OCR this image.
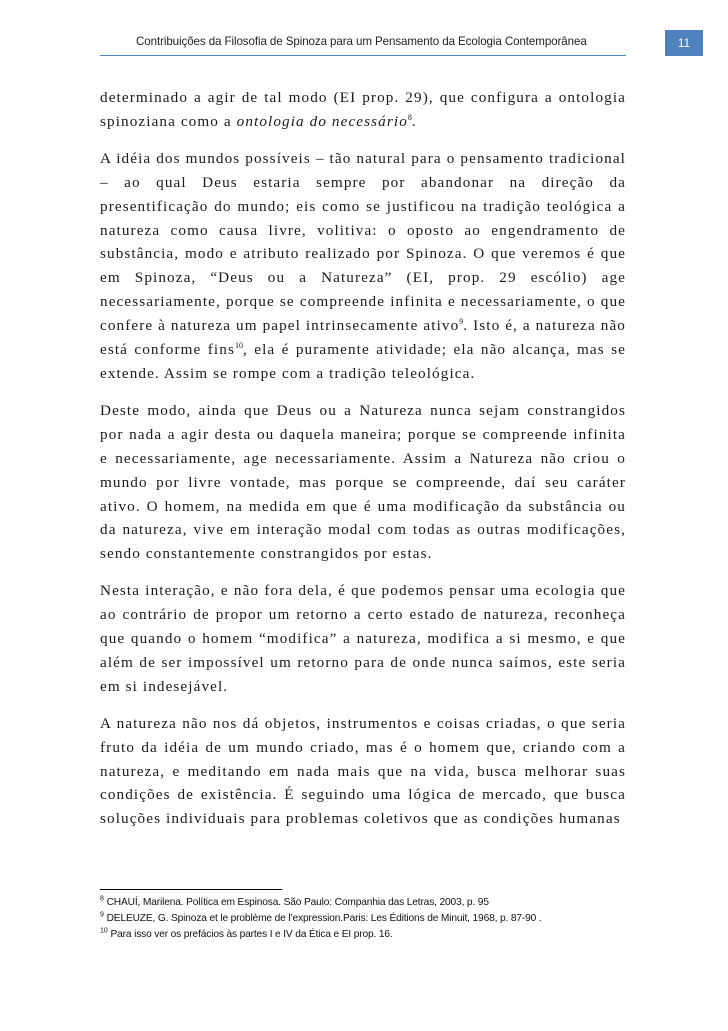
Contribuições da Filosofia de Spinoza para um Pensamento da Ecologia Contemporânea	11

determinado a agir de tal modo (EI prop. 29), que configura a ontologia spinoziana como a ontologia do necessário$^8$.

A idéia dos mundos possíveis – tão natural para o pensamento tradicional – ao qual Deus estaria sempre por abandonar na direção da presentificação do mundo; eis como se justificou na tradição teológica a natureza como causa livre, volitiva: o oposto ao engendramento de substância, modo e atributo realizado por Spinoza. O que veremos é que em Spinoza, “Deus ou a Natureza” (EI, prop. 29 escólio) age necessariamente, porque se compreende infinita e necessariamente, o que confere à natureza um papel intrinsecamente ativo$^9$. Isto é, a natureza não está conforme fins$^{10}$, ela é puramente atividade; ela não alcança, mas se extende. Assim se rompe com a tradição teleológica.

Deste modo, ainda que Deus ou a Natureza nunca sejam constrangidos por nada a agir desta ou daquela maneira; porque se compreende infinita e necessariamente, age necessariamente. Assim a Natureza não criou o mundo por livre vontade, mas porque se compreende, daí seu caráter ativo. O homem, na medida em que é uma modificação da substância ou da natureza, vive em interação modal com todas as outras modificações, sendo constantemente constrangidos por estas.

Nesta interação, e não fora dela, é que podemos pensar uma ecologia que ao contrário de propor um retorno a certo estado de natureza, reconheça que quando o homem “modifica” a natureza, modifica a si mesmo, e que além de ser impossível um retorno para de onde nunca saímos, este seria em si indesejável.

A natureza não nos dá objetos, instrumentos e coisas criadas, o que seria fruto da idéia de um mundo criado, mas é o homem que, criando com a natureza, e meditando em nada mais que na vida, busca melhorar suas condições de existência. É seguindo uma lógica de mercado, que busca soluções individuais para problemas coletivos que as condições humanas

$^8$ CHAUÍ, Marilena. Política em Espinosa. São Paulo: Companhia das Letras, 2003, p. 95
$^9$ DELEUZE, G. Spinoza et le problème de l’expression.Paris: Les Éditions de Minuit, 1968, p. 87-90 .
$^{10}$ Para isso ver os prefácios às partes I e IV da Ética e EI prop. 16.
